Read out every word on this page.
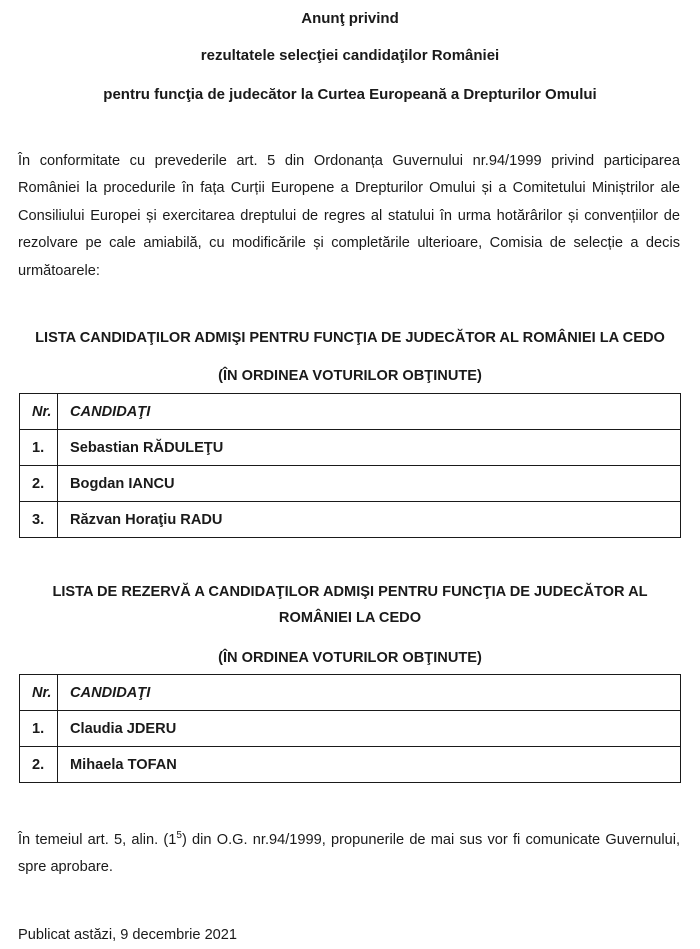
Anunţ privind
rezultatele selecţiei candidaţilor României
pentru funcţia de judecător la Curtea Europeană a Drepturilor Omului
În conformitate cu prevederile art. 5 din Ordonanța Guvernului nr.94/1999 privind participarea României la procedurile în fața Curții Europene a Drepturilor Omului și a Comitetului Miniștrilor ale Consiliului Europei și exercitarea dreptului de regres al statului în urma hotărârilor și convențiilor de rezolvare pe cale amiabilă, cu modificările și completările ulterioare, Comisia de selecție a decis următoarele:
LISTA CANDIDAŢILOR ADMIŞI PENTRU FUNCŢIA DE JUDECĂTOR AL ROMÂNIEI LA CEDO
(ÎN ORDINEA VOTURILOR OBŢINUTE)
Nr.	CANDIDAŢI
1.	Sebastian RĂDULEŢU
2.	Bogdan IANCU
3.	Răzvan Horaţiu RADU
LISTA DE REZERVĂ A CANDIDAŢILOR ADMIŞI PENTRU FUNCŢIA DE JUDECĂTOR AL
ROMÂNIEI LA CEDO
(ÎN ORDINEA VOTURILOR OBŢINUTE)
Nr.	CANDIDAŢI
1.	Claudia JDERU
2.	Mihaela TOFAN
În temeiul art. 5, alin. $(1^5)$ din O.G. nr.94/1999, propunerile de mai sus vor fi comunicate Guvernului, spre aprobare.
Publicat astăzi, 9 decembrie 2021
